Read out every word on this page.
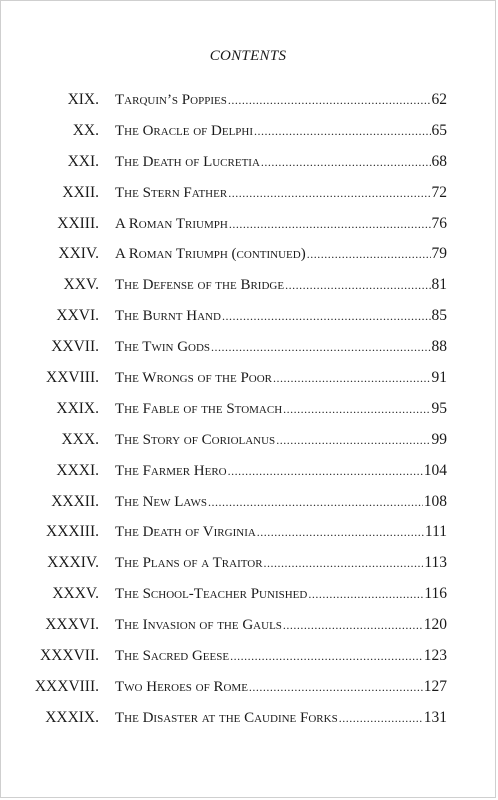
CONTENTS
XIX. Tarquin’s Poppies .....	62
XX. The Oracle of Delphi .....	65
XXI. The Death of Lucretia .....	68
XXII. The Stern Father .....	72
XXIII. A Roman Triumph .....	76
XXIV. A Roman Triumph (continued) .....	79
XXV. The Defense of the Bridge .....	81
XXVI. The Burnt Hand .....	85
XXVII. The Twin Gods .....	88
XXVIII. The Wrongs of the Poor .....	91
XXIX. The Fable of the Stomach .....	95
XXX. The Story of Coriolanus .....	99
XXXI. The Farmer Hero .....	104
XXXII. The New Laws .....	108
XXXIII. The Death of Virginia .....	111
XXXIV. The Plans of a Traitor .....	113
XXXV. The School-Teacher Punished .....	116
XXXVI. The Invasion of the Gauls .....	120
XXXVII. The Sacred Geese .....	123
XXXVIII. Two Heroes of Rome .....	127
XXXIX. The Disaster at the Caudine Forks .....	131
